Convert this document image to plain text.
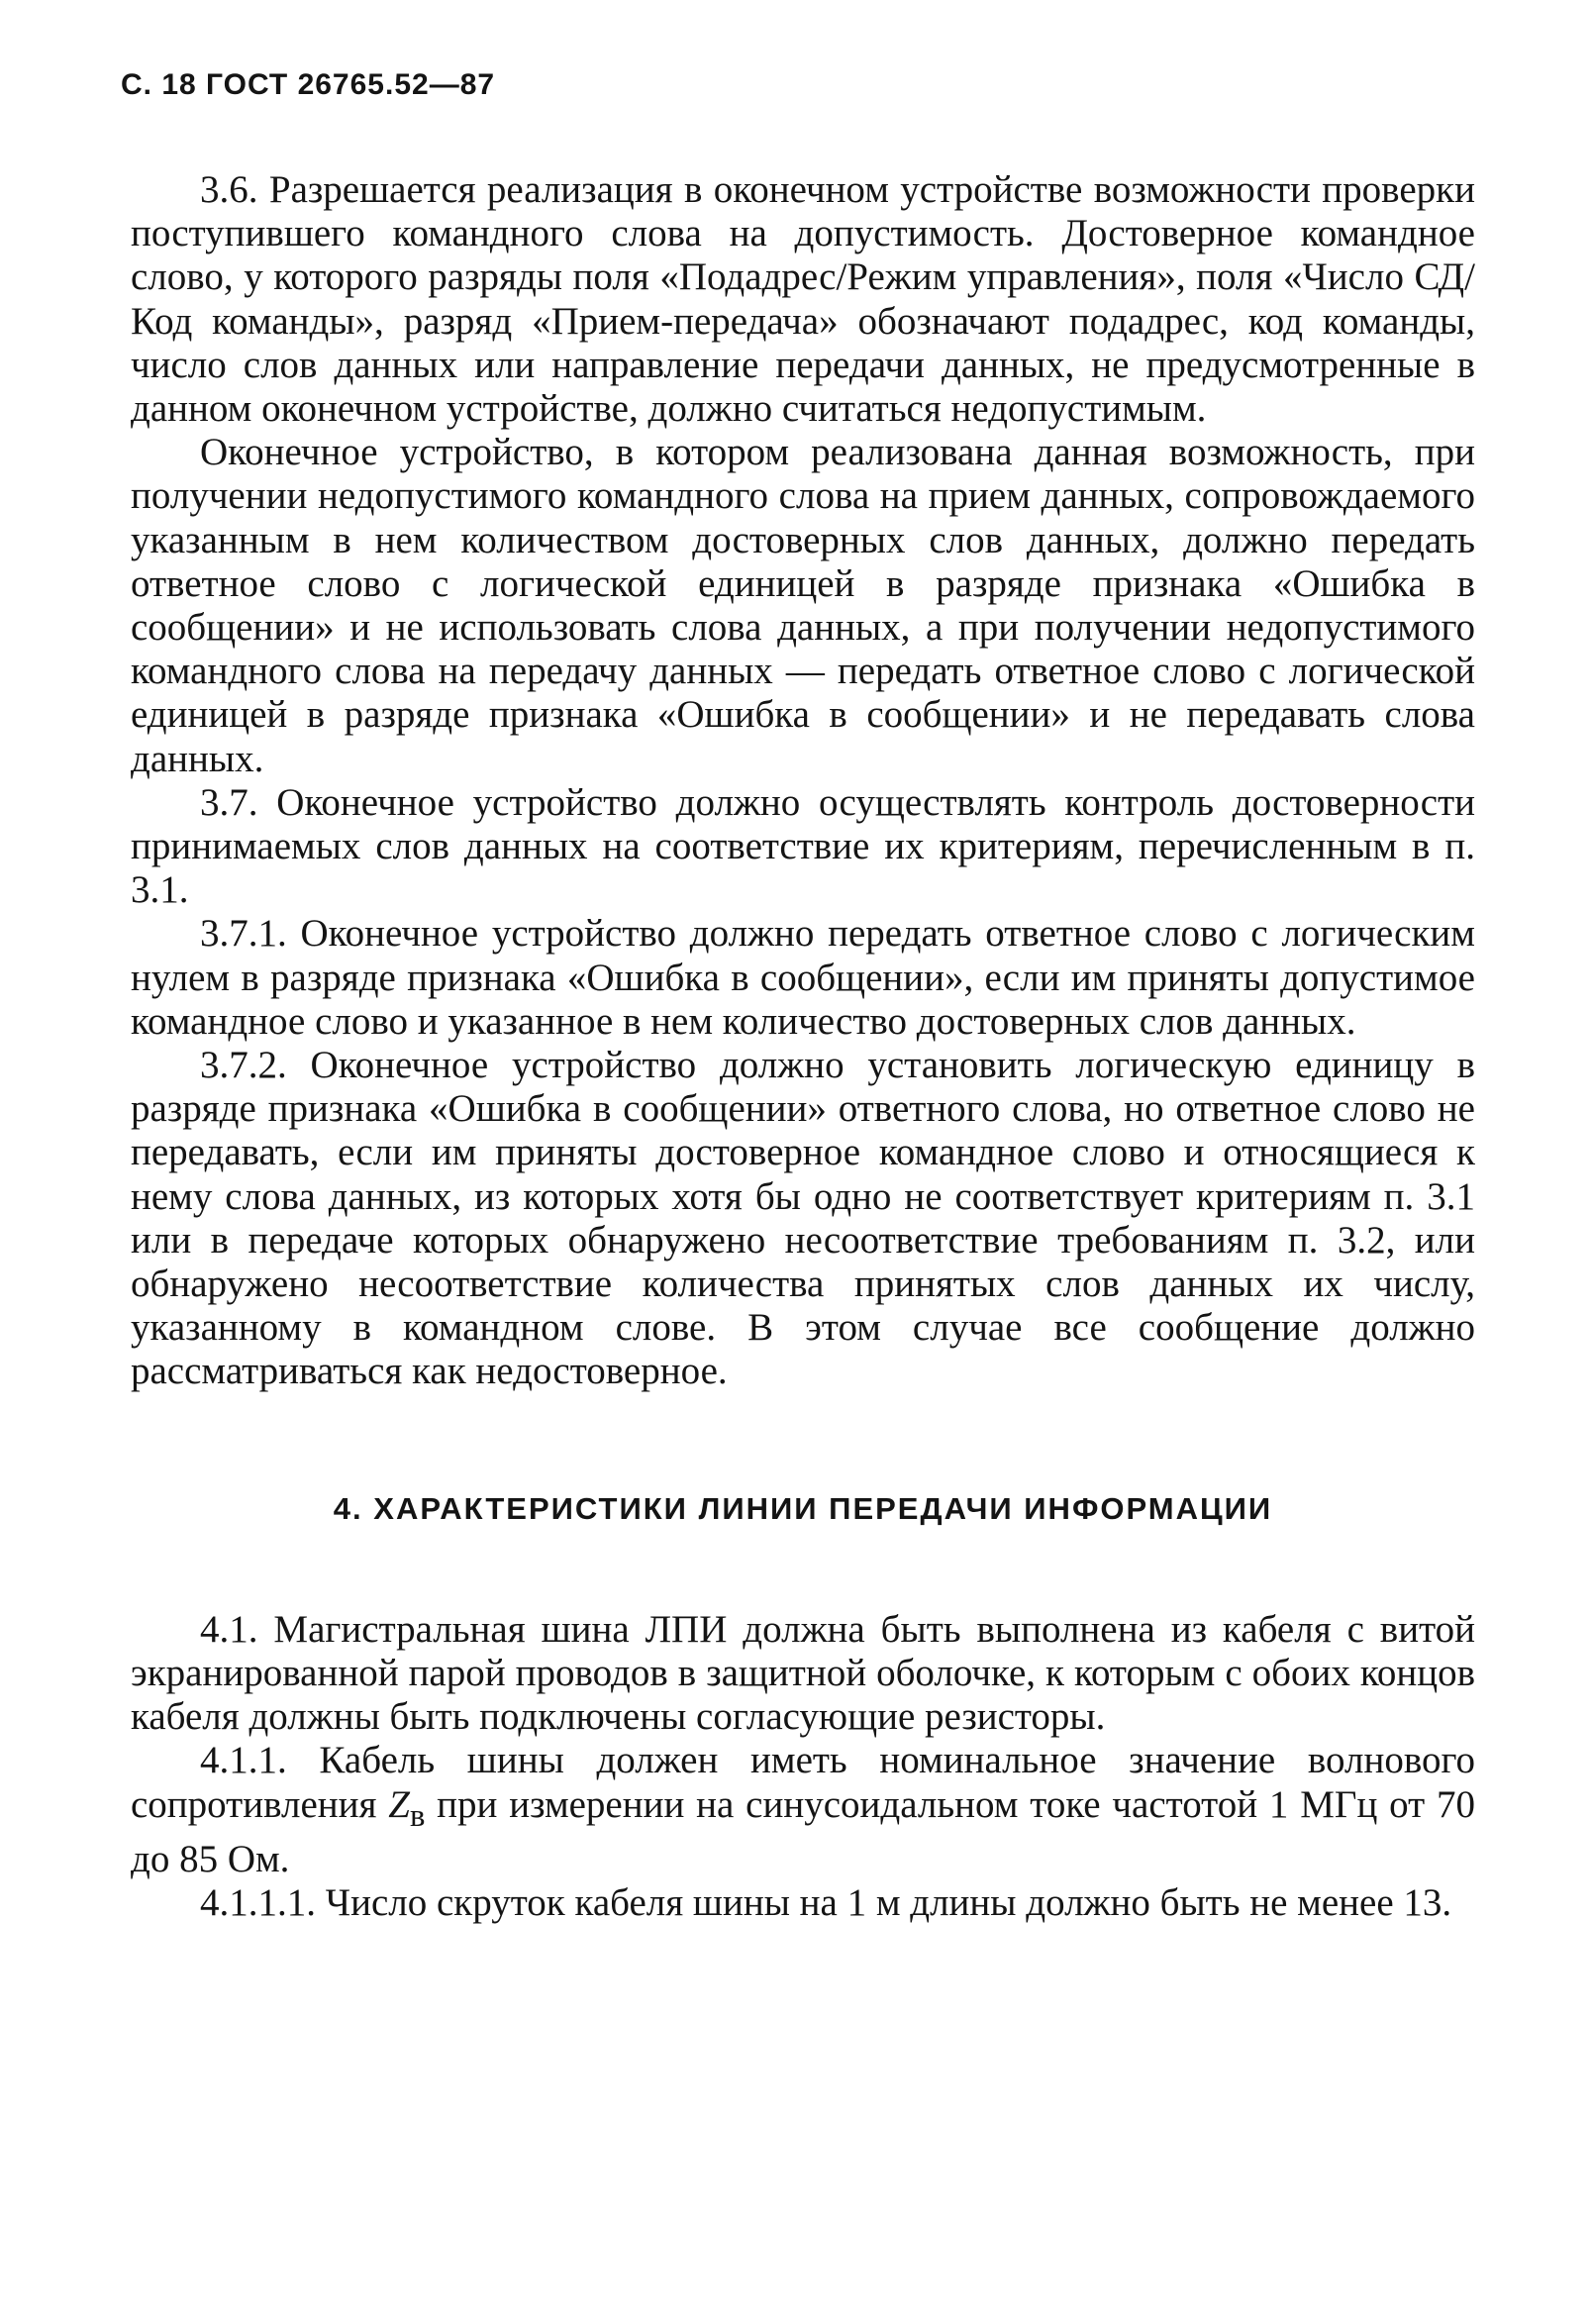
С. 18 ГОСТ 26765.52—87

3.6. Разрешается реализация в оконечном устройстве возможности проверки поступившего командного слова на допустимость. Достоверное командное слово, у которого разряды поля «Подадрес/Режим управления», поля «Число СД/Код команды», разряд «Прием-передача» обозначают подадрес, код команды, число слов данных или направление передачи данных, не предусмотренные в данном оконечном устройстве, должно считаться недопустимым.

Оконечное устройство, в котором реализована данная возможность, при получении недопустимого командного слова на прием данных, сопровождаемого указанным в нем количеством достоверных слов данных, должно передать ответное слово с логической единицей в разряде признака «Ошибка в сообщении» и не использовать слова данных, а при получении недопустимого командного слова на передачу данных — передать ответное слово с логической единицей в разряде признака «Ошибка в сообщении» и не передавать слова данных.

3.7. Оконечное устройство должно осуществлять контроль достоверности принимаемых слов данных на соответствие их критериям, перечисленным в п. 3.1.

3.7.1. Оконечное устройство должно передать ответное слово с логическим нулем в разряде признака «Ошибка в сообщении», если им приняты допустимое командное слово и указанное в нем количество достоверных слов данных.

3.7.2. Оконечное устройство должно установить логическую единицу в разряде признака «Ошибка в сообщении» ответного слова, но ответное слово не передавать, если им приняты достоверное командное слово и относящиеся к нему слова данных, из которых хотя бы одно не соответствует критериям п. 3.1 или в передаче которых обнаружено несоответствие требованиям п. 3.2, или обнаружено несоответствие количества принятых слов данных их числу, указанному в командном слове. В этом случае все сообщение должно рассматриваться как недостоверное.

4. ХАРАКТЕРИСТИКИ ЛИНИИ ПЕРЕДАЧИ ИНФОРМАЦИИ

4.1. Магистральная шина ЛПИ должна быть выполнена из кабеля с витой экранированной парой проводов в защитной оболочке, к которым с обоих концов кабеля должны быть подключены согласующие резисторы.

4.1.1. Кабель шины должен иметь номинальное значение волнового сопротивления $Z_в$ при измерении на синусоидальном токе частотой 1 МГц от 70 до 85 Ом.

4.1.1.1. Число скруток кабеля шины на 1 м длины должно быть не менее 13.
